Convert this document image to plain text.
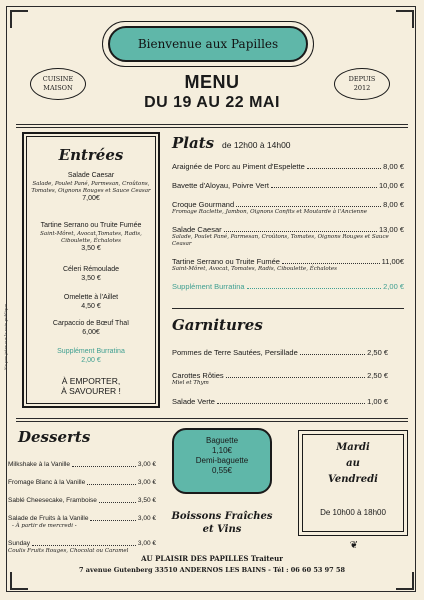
Bienvenue aux Papilles
CUISINE
MAISON
DEPUIS
2012
MENU
DU 19 AU 22 MAI
Entrées
Salade Caesar
Salade, Poulet Pané, Parmesan, Croûtons, Tomates, Oignons Rouges et Sauce Ceasar
7,00€
Tartine Serrano ou Truite Fumée
Saint-Môret, Avocat,Tomates, Radis, Ciboulette, Échalotes
3,50 €
Céleri Rémoulade
3,50 €
Omelette à l'Aillet
4,50 €
Carpaccio de Bœuf Thaï
6,00€
Supplément Burratina
2,00 €
À EMPORTER,
À SAVOURER !
Ne pas jeter sur la voie publique
Plats de 12h00 à 14h00
Araignée de Porc au Piment d'Espelette	8,00 €
Bavette d'Aloyau, Poivre Vert	10,00 €
Croque Gourmand	8,00 €
Fromage Raclette, Jambon, Oignons Confits et Moutarde à l'Ancienne
Salade Caesar	13,00 €
Salade, Poulet Pané, Parmesan, Croûtons, Tomates, Oignons Rouges et Sauce Ceasar
Tartine Serrano ou Truite Fumée	11,00€
Saint-Môret, Avocat, Tomates, Radis, Ciboulette, Échalotes
Supplément Burratina	2,00 €
Garnitures
Pommes de Terre Sautées, Persillade	2,50 €
Carottes Rôties	2,50 €
Miel et Thym
Salade Verte	1,00 €
Desserts
Milkshake à la Vanille	3,00 €
Fromage Blanc à la Vanille	3,00 €
Sablé Cheesecake, Framboise	3,50 €
Salade de Fruits à la Vanille	3,00 €
- À partir de mercredi -
Sunday	3,00 €
Coulis Fruits Rouges, Chocolat ou Caramel
Baguette
1,10€
Demi-baguette
0,55€
Boissons Fraîches
et Vins
Mardi
au
Vendredi
De 10h00 à 18h00
❦
AU PLAISIR DES PAPILLES Traiteur
7 avenue Gutenberg 33510 ANDERNOS LES BAINS - Tél : 06 60 53 97 58
